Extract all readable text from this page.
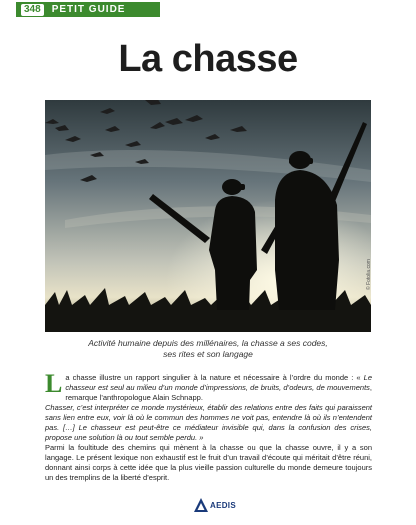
348	PETIT GUIDE
La chasse
© Fotolia.com
Activité humaine depuis des millénaires, la chasse a ses codes,
ses rites et son langage

La chasse illustre un rapport singulier à la nature et nécessaire à l’ordre du monde : « Le chasseur est seul au milieu d’un monde d’impressions, de bruits, d’odeurs, de mouvements, remarque l’anthropologue Alain Schnapp.

Chasser, c’est interpréter ce monde mystérieux, établir des relations entre des faits qui paraissent sans lien entre eux, voir là où le commun des hommes ne voit pas, entendre là où ils n’entendent pas. […] Le chasseur est peut-être ce médiateur invisible qui, dans la confusion des crises, propose une solution là ou tout semble perdu. »

Parmi la foultitude des chemins qui mènent à la chasse ou que la chasse ouvre, il y a son langage. Le présent lexique non exhaustif est le fruit d’un travail d’écoute qui méritait d’être réuni, donnant ainsi corps à cette idée que la plus vieille passion culturelle du monde demeure toujours un des tremplins de la liberté d’esprit.

AEDIS
